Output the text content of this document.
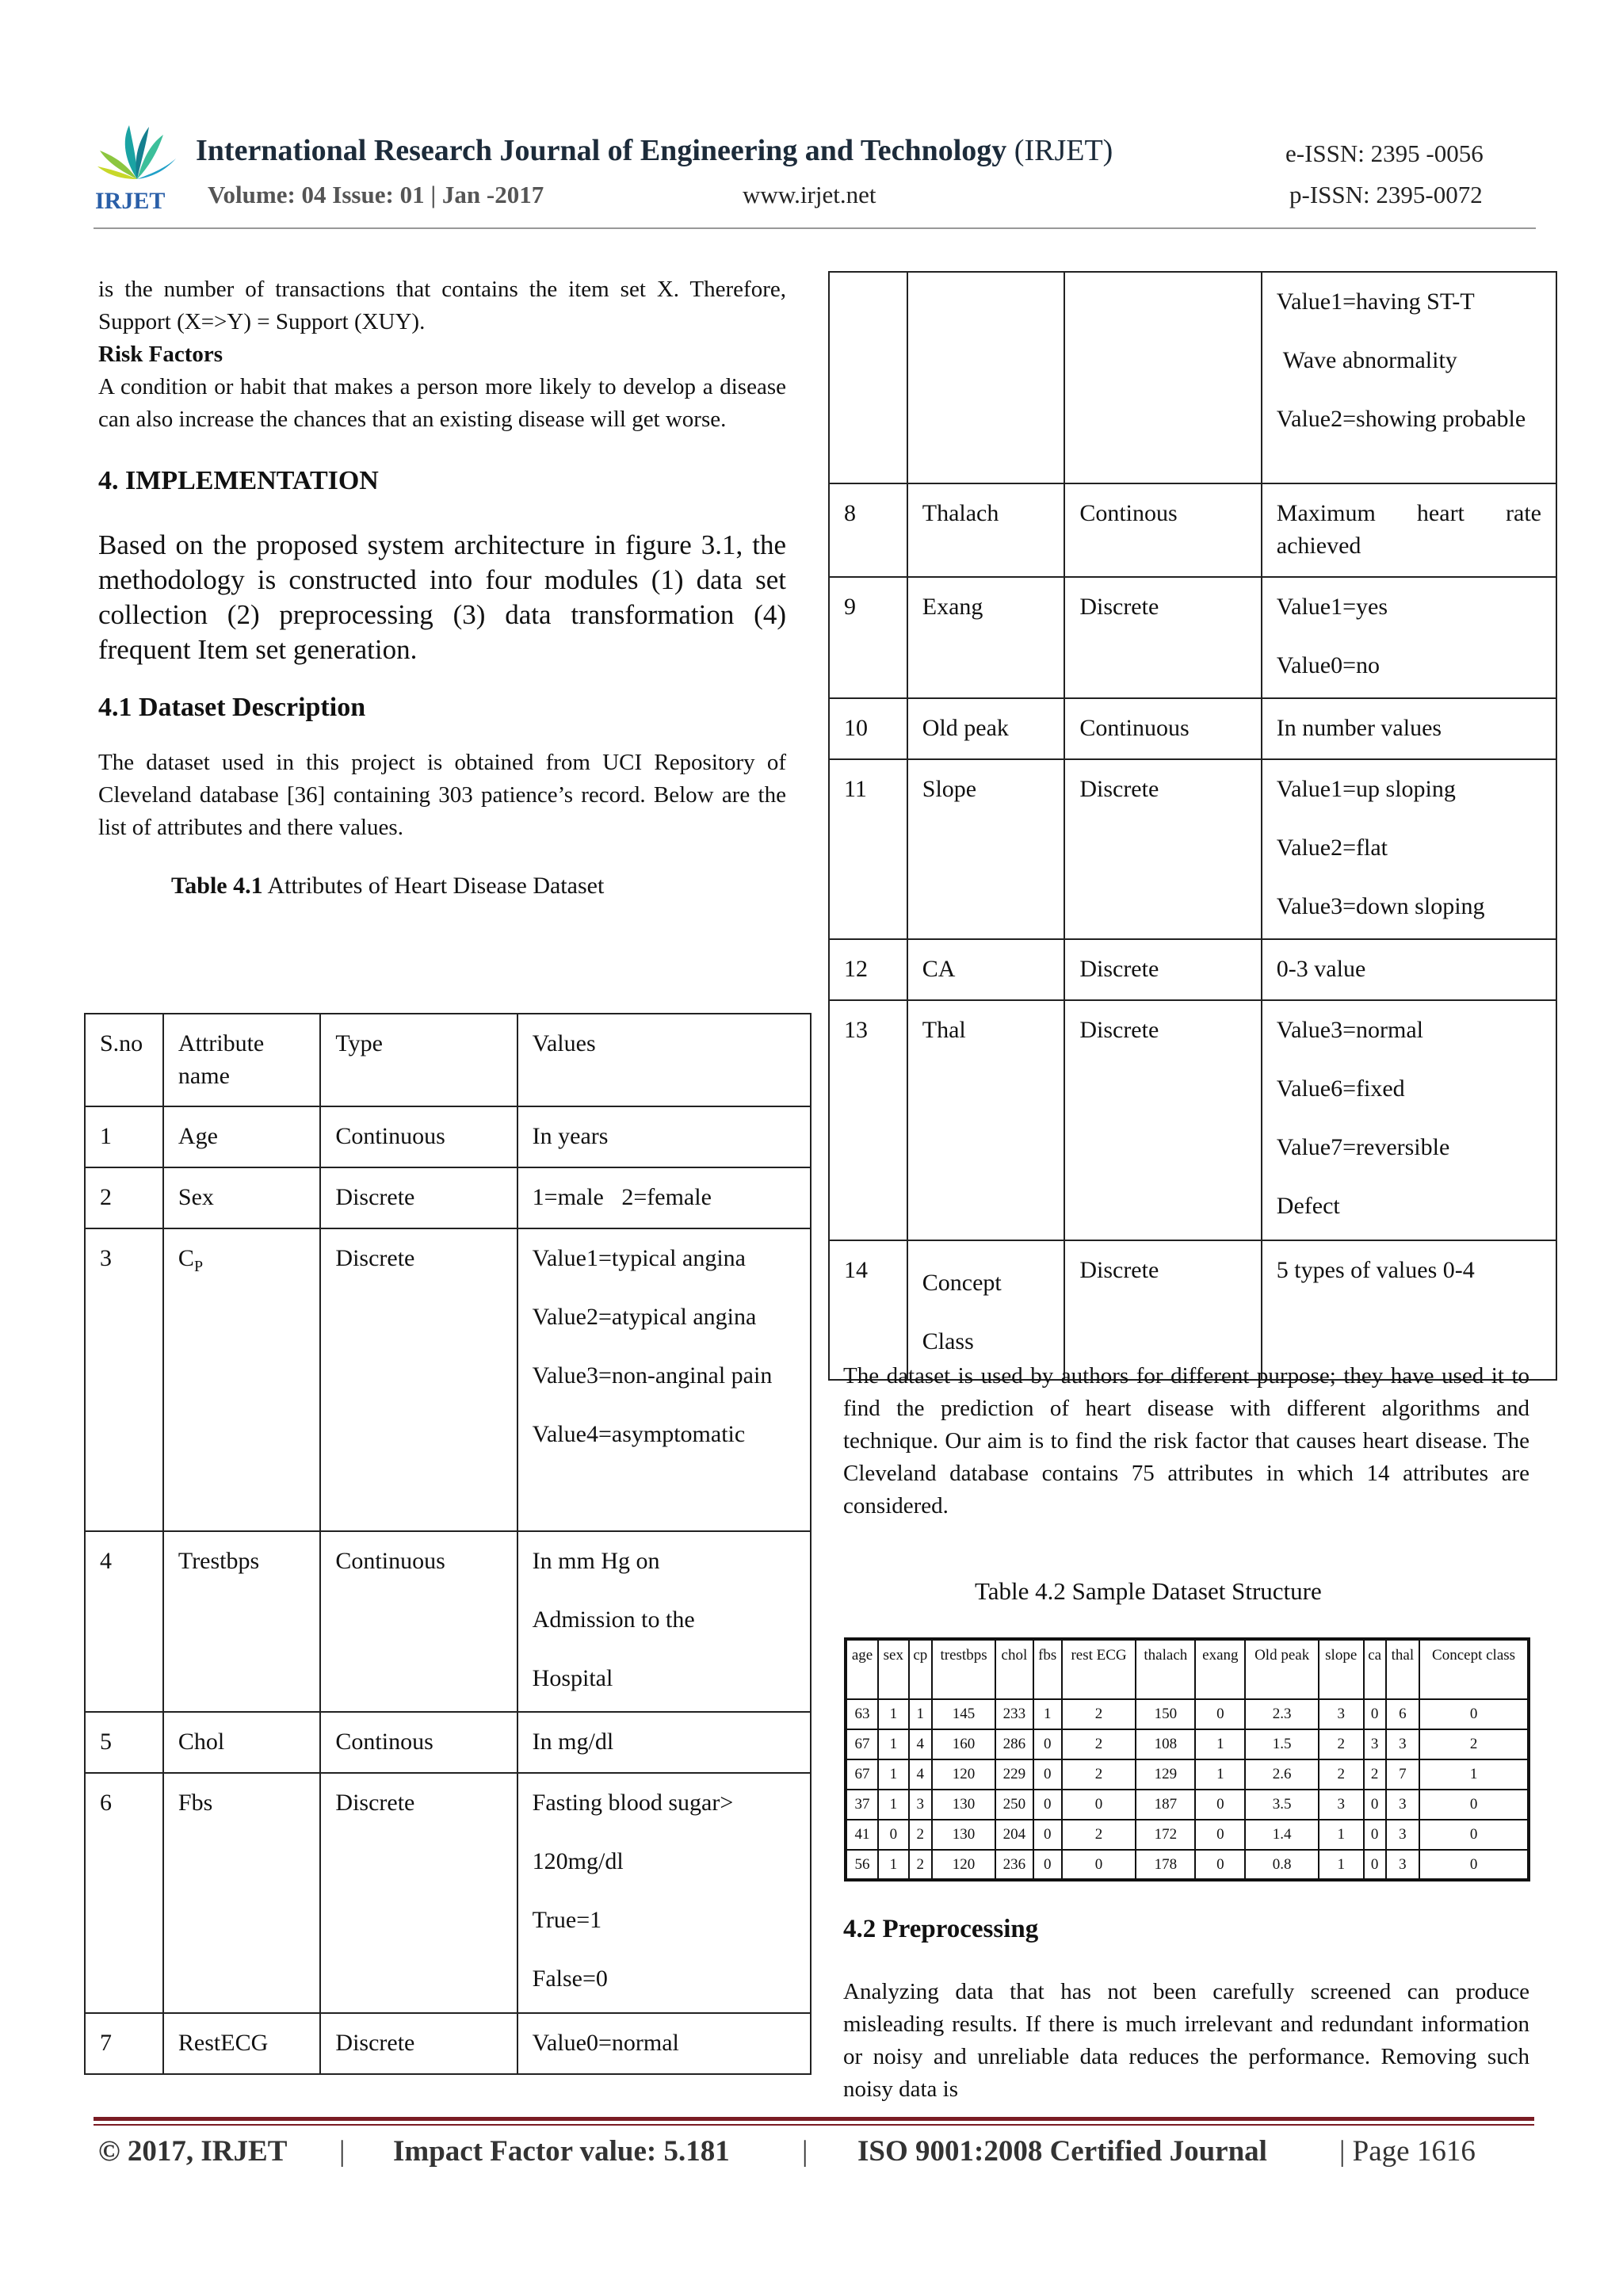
IRJET
International Research Journal of Engineering and Technology (IRJET)	e-ISSN: 2395 -0056
Volume: 04 Issue: 01 | Jan -2017	www.irjet.net	p-ISSN: 2395-0072
is the number of transactions that contains the item set X. Therefore, Support (X=>Y) = Support (XUY).
Risk Factors
A condition or habit that makes a person more likely to develop a disease can also increase the chances that an existing disease will get worse.
4. IMPLEMENTATION
Based on the proposed system architecture in figure 3.1, the methodology is constructed into four modules (1) data set collection (2) preprocessing (3) data transformation (4) frequent Item set generation.
4.1 Dataset Description
The dataset used in this project is obtained from UCI Repository of Cleveland database [36] containing 303 patience’s record. Below are the list of attributes and there values.
Table 4.1 Attributes of Heart Disease Dataset
S.no	Attribute name	Type	Values
1	Age	Continuous	In years

2	Sex	Discrete	1=male   2=female

3	$C_P$	Discrete	Value1=typical angina
Value2=atypical angina
Value3=non-anginal pain
Value4=asymptomatic

4	Trestbps	Continuous	In mm Hg on
Admission to the
Hospital

5	Chol	Continous	In mg/dl

6	Fbs	Discrete	Fasting blood sugar>
120mg/dl
True=1
False=0

7	RestECG	Discrete	Value0=normal

			Value1=having ST-T
Wave abnormality
Value2=showing probable

8	Thalach	Continous	Maximum heart rate achieved

9	Exang	Discrete	Value1=yes
Value0=no

10	Old peak	Continuous	In number values

11	Slope	Discrete	Value1=up sloping
Value2=flat
Value3=down sloping

12	CA	Discrete	0-3 value

13	Thal	Discrete	Value3=normal
Value6=fixed
Value7=reversible
Defect

14	Concept Class	Discrete	5 types of values 0-4
The dataset is used by authors for different purpose; they have used it to find the prediction of heart disease with different algorithms and technique. Our aim is to find the risk factor that causes heart disease. The Cleveland database contains 75 attributes in which 14 attributes are considered.
Table 4.2 Sample Dataset Structure
age	sex	cp	trestbps	chol	fbs	rest ECG	thalach	exang	Old peak	slope	ca	thal	Concept class
63	1	1	145	233	1	2	150	0	2.3	3	0	6	0
67	1	4	160	286	0	2	108	1	1.5	2	3	3	2
67	1	4	120	229	0	2	129	1	2.6	2	2	7	1
37	1	3	130	250	0	0	187	0	3.5	3	0	3	0
41	0	2	130	204	0	2	172	0	1.4	1	0	3	0
56	1	2	120	236	0	0	178	0	0.8	1	0	3	0
4.2 Preprocessing
Analyzing data that has not been carefully screened can produce misleading results. If there is much irrelevant and redundant information or noisy and unreliable data reduces the performance. Removing such noisy data is
© 2017, IRJET | Impact Factor value: 5.181 | ISO 9001:2008 Certified Journal | Page 1616
